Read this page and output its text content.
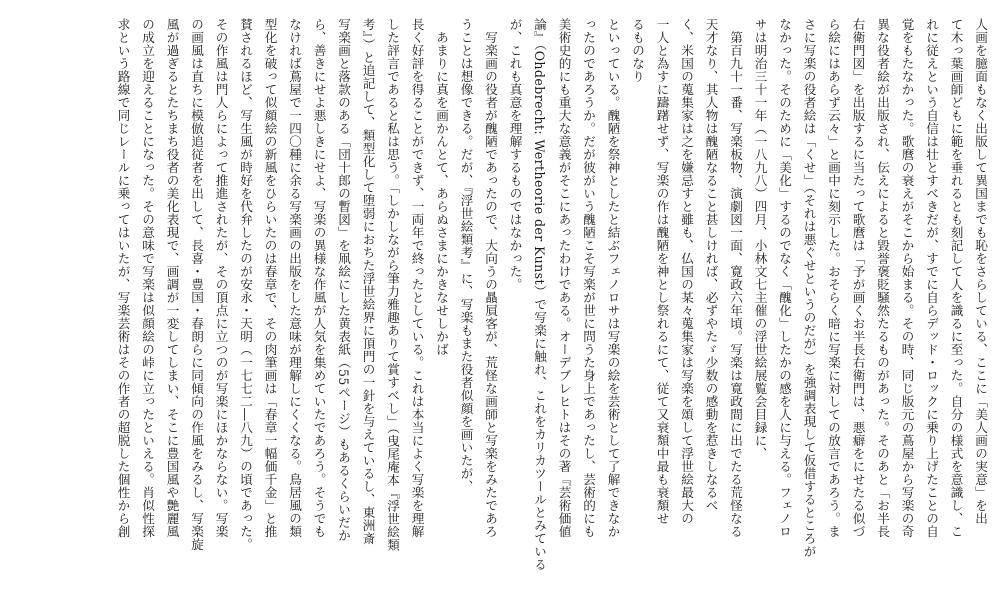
人画を臆面もなく出版して異国までも恥をさらしている、ここに「美人画の実意」を出
て木っ葉画師どもに範を垂れるとも刻記して人を識るに至った。自分の様式を意識し、こ
れに従えという自信は壮とすべきだが、すでに自らデッド・ロックに乗り上げたことの自
覚をもたなかった。歌麿の衰えがそこから始まる。その時、同じ版元の蔦屋から写楽の奇
異な役者絵が出版され、伝えによると毀誉褒貶騒然たるものがあった。そのあと「お半長
右衛門図」を出版するに当たって歌麿は「予が画くお半長右衛門は、悪癖をにせたる似づ
ら絵にはあらず云々」と画中に刻示した。おそらく暗に写楽に対しての放言であろう。ま
さに写楽の役者絵は「くせ」（それは悪ぐせというのだが）を強調表現して仮借するところが
なかった。そのために「美化」するのでなく「醜化」したかの感を人に与える。フェノロ
サは明治三十一年（一八九八）四月、小林文七主催の浮世絵展覧会目録に、
第百九十一番、写楽板物、演劇図一面、寛政六年頃。写楽は寛政間に出でたる荒怪なる
天才なり、其人物は醜陋なること甚しければ、必ずやたゞ少数の感動を惹きしなるべ
く、米国の蒐集家は之を嫌忌すと雖も、仏国の某々蒐集家は写楽を頌して浮世絵最大の
一人と為すに躊躇せず、写楽の作は醜陋を神とし祭れるにて、従て又衰頽中最も衰頽せ
るものなり
といっている。醜陋を祭神としたと結ぶフェノロサは写楽の絵を芸術として了解できなか
ったのであろうか。だが彼がいう醜陋こそ写楽が世に問うた身上であったし、芸術的にも
美術史的にも重大な意義がそこにあったわけである。オーデブレヒトはその著『芸術価値
論』（Ohdebrecht: Wertheorie der Kunst）で写楽に触れ、これをカリカツールとみている
が、これも真意を理解するものではなかった。
写楽画の役者が醜陋であったので、大向うの贔屓客が、荒怪な画師と写楽をみたであろ
うことは想像できる。だが、『浮世絵類考』に、写楽もまた役者似顔を画いたが、
あまりに真を画かんとて、あらぬさまにかきなせしかば
長く好評を得ることができず、一両年で終ったとしている。これは本当によく写楽を理解
した評言であると私は思う。「しかしながら筆力雅趣ありて賞すべし」（曳尾庵本『浮世絵類
考』）と追記して、類型化して堕弱におちた浮世絵界に頂門の一針を与えているし、東洲斎
写楽画と落款のある「団十郎の暫図」を凧絵にした黄表紙（55ページ）もあるくらいだか
ら、善きにせよ悪しきにせよ、写楽の異様な作風が人気を集めていたであろう。そうでも
なければ蔦屋で一四〇種に余る写楽画の出版をした意味が理解しにくくなる。鳥居風の類
型化を破って似顔絵の新風をひらいたのは春章で、その肉筆画は「春章一幅価千金」と推
賛されるほど、写生風が時好を代弁したのが安永・天明（一七七二―八九）の頃であった。
その作風は門人らによって推進されたが、その頂点に立つのが写楽にほかならない。写楽
の画風は直ちに模倣追従者を出して、長喜・豊国・春朗らに同傾向の作風をみるし、写楽旋
風が過ぎるとたちまち役者の美化表現で、画調が一変してしまい、そこに豊国風や艶麗風
の成立を迎えることになった。その意味で写楽は似顔絵の峠に立ったといえる。肖似性探
求という路線で同じレールに乗ってはいたが、写楽芸術はその作者の超脱した個性から創
